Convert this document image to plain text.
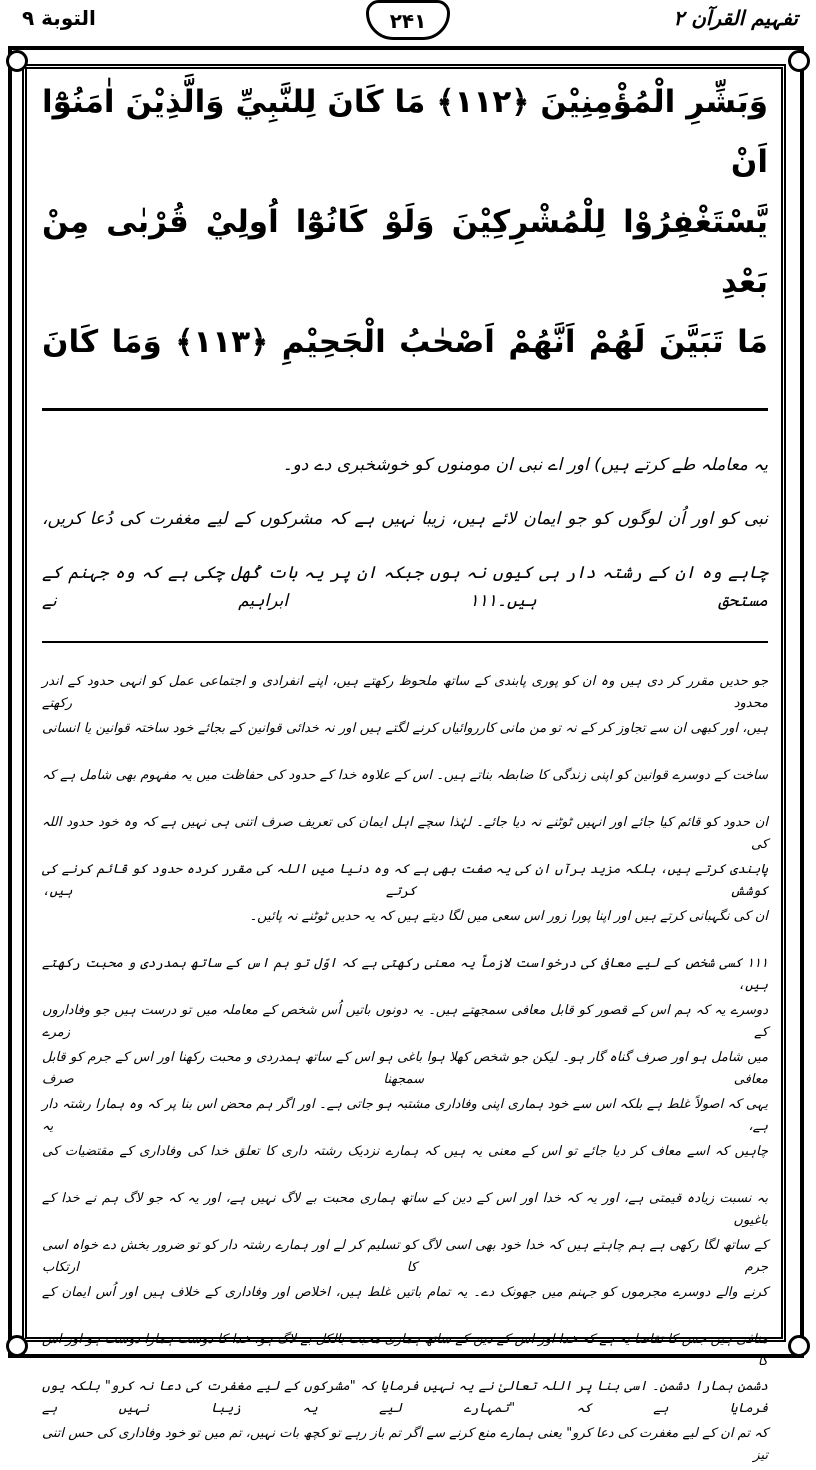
تفہیم القرآن ۲
۲۴۱
التوبة ۹
وَبَشِّرِ الْمُؤْمِنِيْنَ ﴿١١٢﴾ مَا كَانَ لِلنَّبِيِّ وَالَّذِيْنَ اٰمَنُوْٓا اَنْ
يَّسْتَغْفِرُوْا لِلْمُشْرِكِيْنَ وَلَوْ كَانُوْٓا اُولِيْ قُرْبٰى مِنْ بَعْدِ
مَا تَبَيَّنَ لَهُمْ اَنَّهُمْ اَصْحٰبُ الْجَحِيْمِ ﴿١١٣﴾ وَمَا كَانَ
یہ معاملہ طے کرتے ہیں) اور اے نبی ان مومنوں کو خوشخبری دے دو۔
نبی کو اور اُن لوگوں کو جو ایمان لائے ہیں، زیبا نہیں ہے کہ مشرکوں کے لیے مغفرت کی دُعا کریں،
چاہے وہ ان کے رشتہ دار ہی کیوں نہ ہوں جبکہ ان پر یہ بات کُھل چکی ہے کہ وہ جہنم کے مستحق ہیں۔۱۱۱ ابراہیم نے
جو حدیں مقرر کر دی ہیں وہ ان کو پوری پابندی کے ساتھ ملحوظ رکھتے ہیں، اپنے انفرادی و اجتماعی عمل کو انہی حدود کے اندر محدود رکھتے
ہیں، اور کبھی ان سے تجاوز کر کے نہ تو من مانی کارروائیاں کرنے لگتے ہیں اور نہ خدائی قوانین کے بجائے خود ساختہ قوانین یا انسانی
ساخت کے دوسرے قوانین کو اپنی زندگی کا ضابطہ بناتے ہیں۔ اس کے علاوہ خدا کے حدود کی حفاظت میں یہ مفہوم بھی شامل ہے کہ
ان حدود کو قائم کیا جائے اور انہیں ٹوٹنے نہ دیا جائے۔ لہٰذا سچے اہل ایمان کی تعریف صرف اتنی ہی نہیں ہے کہ وہ خود حدود اللہ کی
پابندی کرتے ہیں، بلکہ مزید برآں ان کی یہ صفت بھی ہے کہ وہ دنیا میں اللہ کی مقرر کردہ حدود کو قائم کرنے کی کوشش کرتے ہیں،
ان کی نگہبانی کرتے ہیں اور اپنا پورا زور اس سعی میں لگا دیتے ہیں کہ یہ حدیں ٹوٹنے نہ پائیں۔
۱۱۱ کسی شخص کے لیے معافی کی درخواست لازماً یہ معنی رکھتی ہے کہ اوّل تو ہم اس کے ساتھ ہمدردی و محبت رکھتے ہیں،
دوسرے یہ کہ ہم اس کے قصور کو قابل معافی سمجھتے ہیں۔ یہ دونوں باتیں اُس شخص کے معاملہ میں تو درست ہیں جو وفاداروں کے زمرے
میں شامل ہو اور صرف گناہ گار ہو۔ لیکن جو شخص کھلا ہوا باغی ہو اس کے ساتھ ہمدردی و محبت رکھنا اور اس کے جرم کو قابل معافی سمجھنا صرف
یہی کہ اصولاً غلط ہے بلکہ اس سے خود ہماری اپنی وفاداری مشتبہ ہو جاتی ہے۔ اور اگر ہم محض اس بنا پر کہ وہ ہمارا رشتہ دار ہے، یہ
چاہیں کہ اسے معاف کر دیا جائے تو اس کے معنی یہ ہیں کہ ہمارے نزدیک رشتہ داری کا تعلق خدا کی وفاداری کے مقتضیات کی
بہ نسبت زیادہ قیمتی ہے، اور یہ کہ خدا اور اس کے دین کے ساتھ ہماری محبت بے لاگ نہیں ہے، اور یہ کہ جو لاگ ہم نے خدا کے باغیوں
کے ساتھ لگا رکھی ہے ہم چاہتے ہیں کہ خدا خود بھی اسی لاگ کو تسلیم کر لے اور ہمارے رشتہ دار کو تو ضرور بخش دے خواہ اسی جرم کا ارتکاب
کرنے والے دوسرے مجرموں کو جہنم میں جھونک دے۔ یہ تمام باتیں غلط ہیں، اخلاص اور وفاداری کے خلاف ہیں اور اُس ایمان کے
منافی ہیں جس کا تقاضا یہ ہے کہ خدا اور اس کے دین کے ساتھ ہماری محبت بالکل بے لاگ ہو، خدا کا دوست ہمارا دوست ہو اور اس کا
دشمن ہمارا دشمن۔ اسی بنا پر اللہ تعالیٰ نے یہ نہیں فرمایا کہ "مشرکوں کے لیے مغفرت کی دعا نہ کرو" بلکہ یوں فرمایا ہے کہ "تمہارے لیے یہ زیبا نہیں ہے
کہ تم ان کے لیے مغفرت کی دعا کرو" یعنی ہمارے منع کرنے سے اگر تم باز رہے تو کچھ بات نہیں، تم میں تو خود وفاداری کی حس اتنی تیز
